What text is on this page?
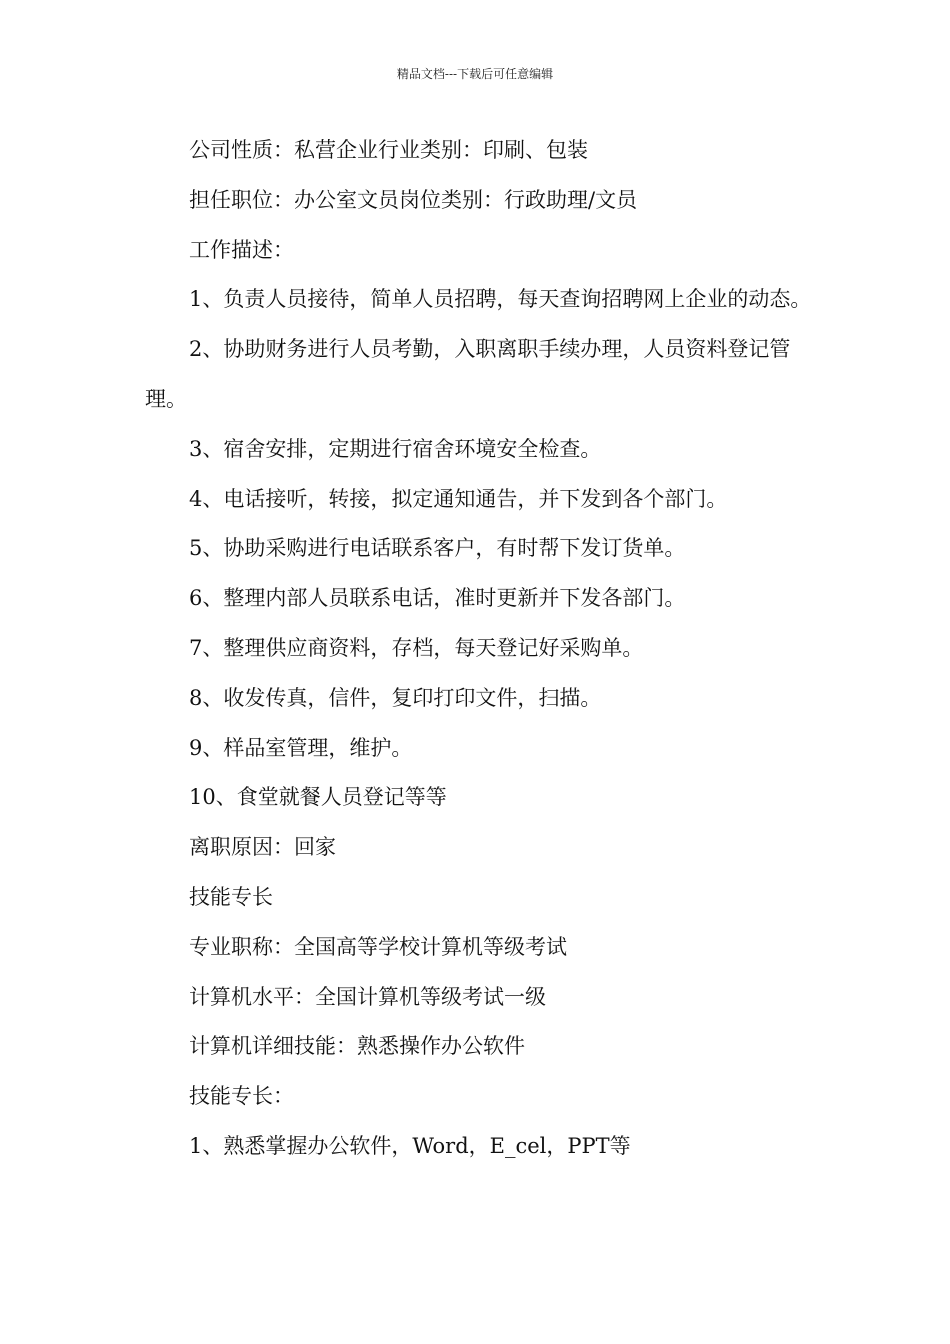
精品文档---下载后可任意编辑

公司性质：私营企业行业类别：印刷、包装

担任职位：办公室文员岗位类别：行政助理/文员

工作描述：

1、负责人员接待，简单人员招聘，每天查询招聘网上企业的动态。

2、协助财务进行人员考勤，入职离职手续办理，人员资料登记管理。

3、宿舍安排，定期进行宿舍环境安全检查。

4、电话接听，转接，拟定通知通告，并下发到各个部门。

5、协助采购进行电话联系客户，有时帮下发订货单。

6、整理内部人员联系电话，准时更新并下发各部门。

7、整理供应商资料，存档，每天登记好采购单。

8、收发传真，信件，复印打印文件，扫描。

9、样品室管理，维护。

10、食堂就餐人员登记等等

离职原因：回家

技能专长

专业职称：全国高等学校计算机等级考试

计算机水平：全国计算机等级考试一级

计算机详细技能：熟悉操作办公软件

技能专长：

1、熟悉掌握办公软件，Word，E_cel，PPT等
